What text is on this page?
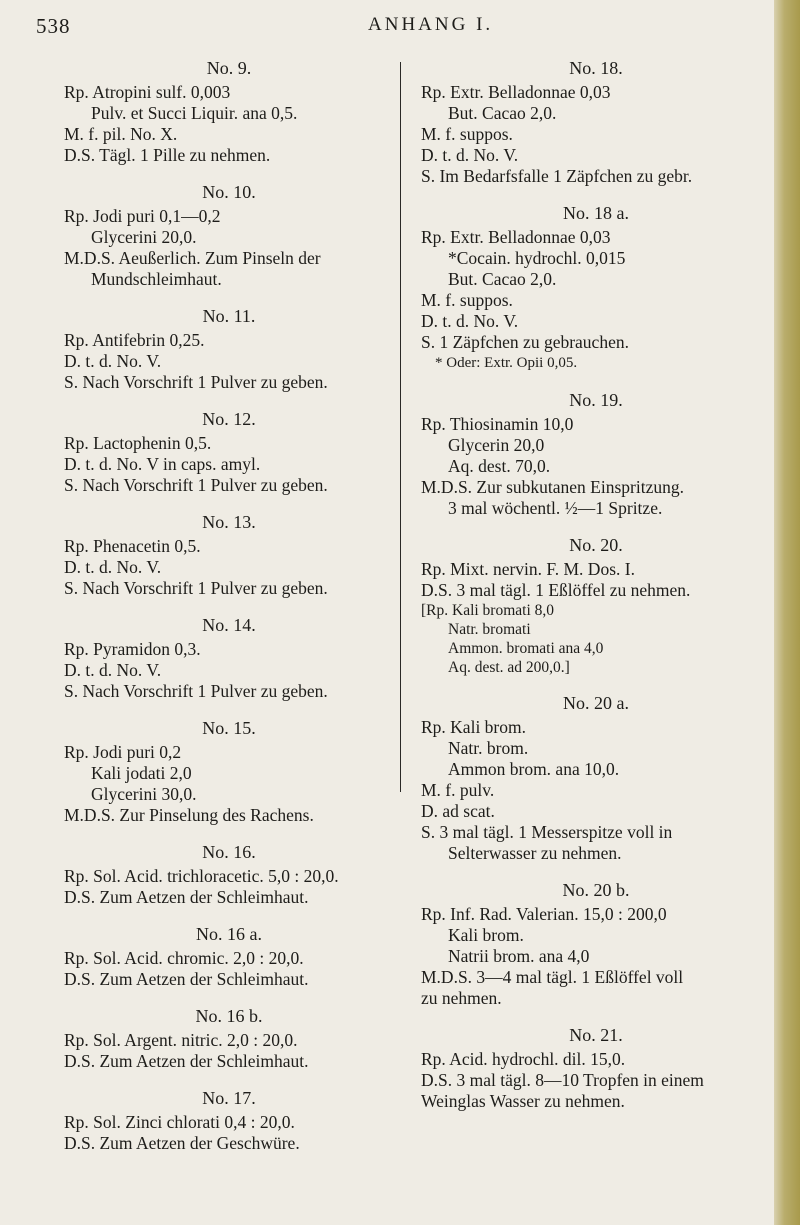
538	ANHANG I.
No. 9.
Rp. Atropini sulf. 0,003
Pulv. et Succi Liquir. ana 0,5.
M. f. pil. No. X.
D.S. Tägl. 1 Pille zu nehmen.
No. 10.
Rp. Jodi puri 0,1—0,2
Glycerini 20,0.
M.D.S. Aeußerlich. Zum Pinseln der
Mundschleimhaut.
No. 11.
Rp. Antifebrin 0,25.
D. t. d. No. V.
S. Nach Vorschrift 1 Pulver zu geben.
No. 12.
Rp. Lactophenin 0,5.
D. t. d. No. V in caps. amyl.
S. Nach Vorschrift 1 Pulver zu geben.
No. 13.
Rp. Phenacetin 0,5.
D. t. d. No. V.
S. Nach Vorschrift 1 Pulver zu geben.
No. 14.
Rp. Pyramidon 0,3.
D. t. d. No. V.
S. Nach Vorschrift 1 Pulver zu geben.
No. 15.
Rp. Jodi puri 0,2
Kali jodati 2,0
Glycerini 30,0.
M.D.S. Zur Pinselung des Rachens.
No. 16.
Rp. Sol. Acid. trichloracetic. 5,0 : 20,0.
D.S. Zum Aetzen der Schleimhaut.
No. 16 a.
Rp. Sol. Acid. chromic. 2,0 : 20,0.
D.S. Zum Aetzen der Schleimhaut.
No. 16 b.
Rp. Sol. Argent. nitric. 2,0 : 20,0.
D.S. Zum Aetzen der Schleimhaut.
No. 17.
Rp. Sol. Zinci chlorati 0,4 : 20,0.
D.S. Zum Aetzen der Geschwüre.
No. 18.
Rp. Extr. Belladonnae 0,03
But. Cacao 2,0.
M. f. suppos.
D. t. d. No. V.
S. Im Bedarfsfalle 1 Zäpfchen zu gebr.
No. 18 a.
Rp. Extr. Belladonnae 0,03
*Cocain. hydrochl. 0,015
But. Cacao 2,0.
M. f. suppos.
D. t. d. No. V.
S. 1 Zäpfchen zu gebrauchen.
* Oder: Extr. Opii 0,05.
No. 19.
Rp. Thiosinamin 10,0
Glycerin 20,0
Aq. dest. 70,0.
M.D.S. Zur subkutanen Einspritzung.
3 mal wöchentl. ½—1 Spritze.
No. 20.
Rp. Mixt. nervin. F. M. Dos. I.
D.S. 3 mal tägl. 1 Eßlöffel zu nehmen.
[Rp. Kali bromati 8,0
Natr. bromati
Ammon. bromati ana 4,0
Aq. dest. ad 200,0.]
No. 20 a.
Rp. Kali brom.
Natr. brom.
Ammon brom. ana 10,0.
M. f. pulv.
D. ad scat.
S. 3 mal tägl. 1 Messerspitze voll in
Selterwasser zu nehmen.
No. 20 b.
Rp. Inf. Rad. Valerian. 15,0 : 200,0
Kali brom.
Natrii brom. ana 4,0
M.D.S. 3—4 mal tägl. 1 Eßlöffel voll
zu nehmen.
No. 21.
Rp. Acid. hydrochl. dil. 15,0.
D.S. 3 mal tägl. 8—10 Tropfen in einem
Weinglas Wasser zu nehmen.
